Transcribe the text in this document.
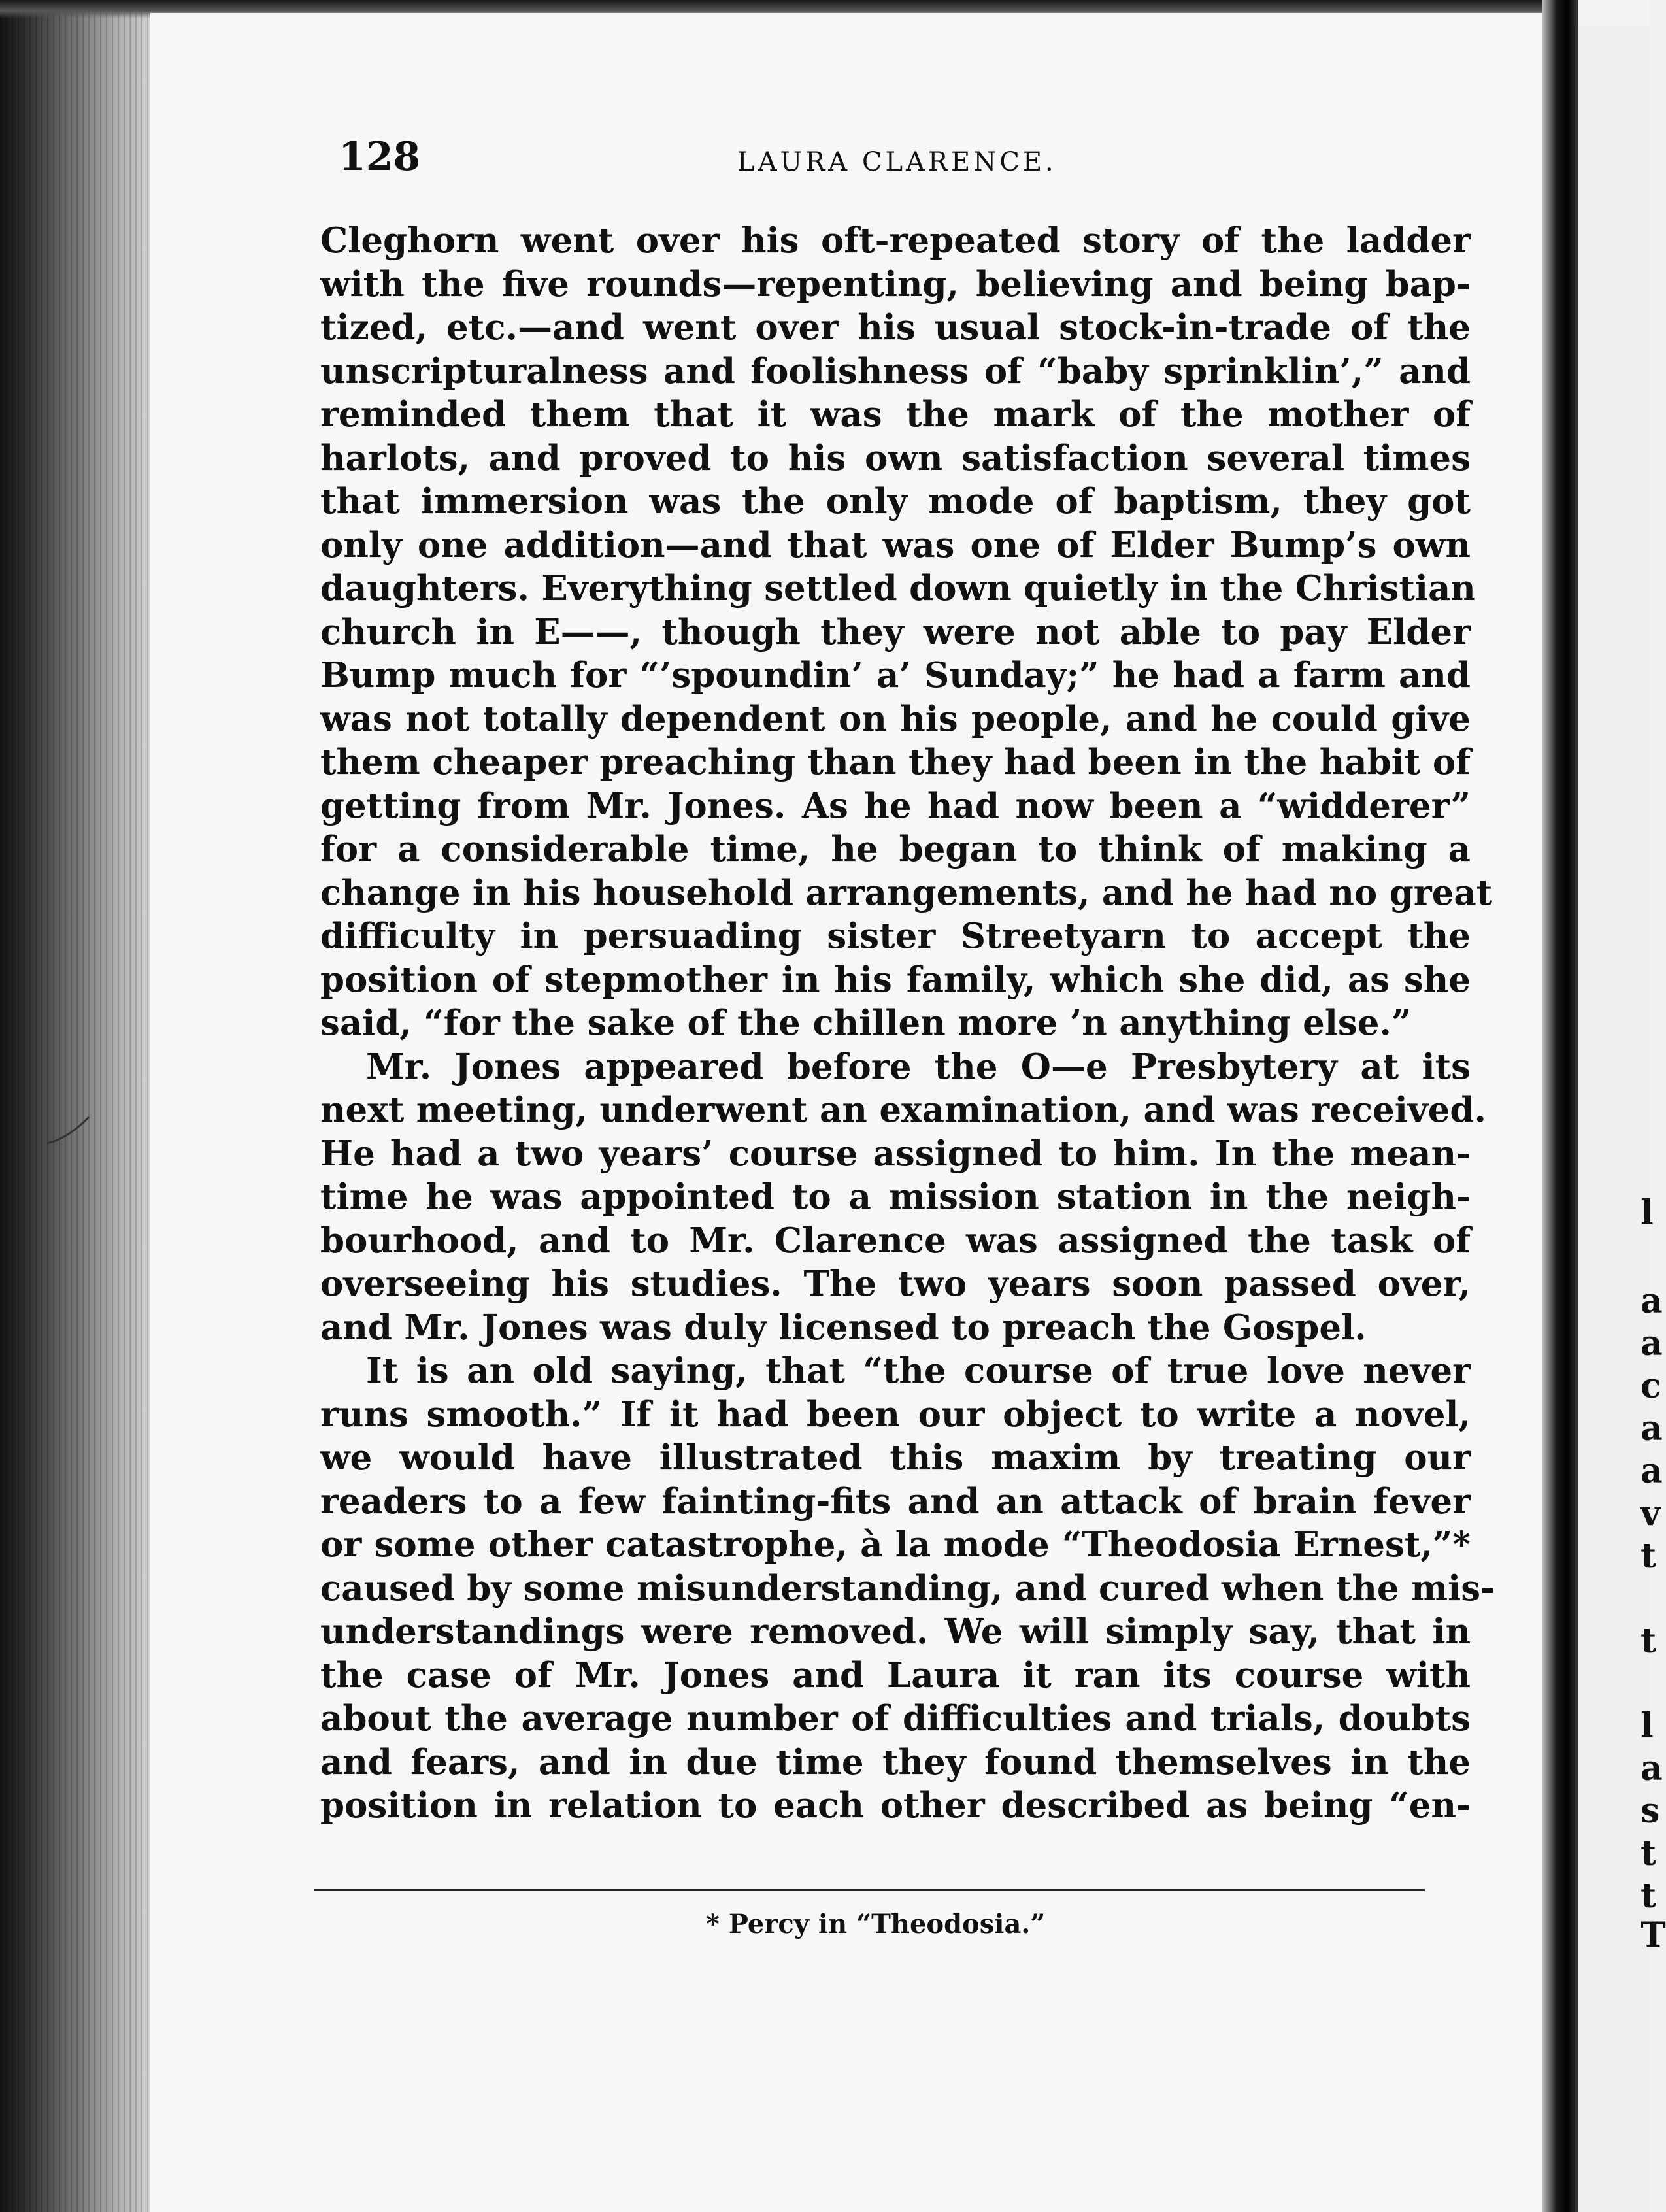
128	LAURA CLARENCE.
Cleghorn went over his oft-repeated story of the ladder
with the five rounds—repenting, believing and being bap-
tized, etc.—and went over his usual stock-in-trade of the
unscripturalness and foolishness of “baby sprinklin’,” and
reminded them that it was the mark of the mother of
harlots, and proved to his own satisfaction several times
that immersion was the only mode of baptism, they got
only one addition—and that was one of Elder Bump’s own
daughters. Everything settled down quietly in the Christian
church in E——, though they were not able to pay Elder
Bump much for “’spoundin’ a’ Sunday;” he had a farm and
was not totally dependent on his people, and he could give
them cheaper preaching than they had been in the habit of
getting from Mr. Jones. As he had now been a “widderer”
for a considerable time, he began to think of making a
change in his household arrangements, and he had no great
difficulty in persuading sister Streetyarn to accept the
position of stepmother in his family, which she did, as she
said, “for the sake of the chillen more ’n anything else.”
Mr. Jones appeared before the O—e Presbytery at its
next meeting, underwent an examination, and was received.
He had a two years’ course assigned to him. In the mean-
time he was appointed to a mission station in the neigh-
bourhood, and to Mr. Clarence was assigned the task of
overseeing his studies. The two years soon passed over,
and Mr. Jones was duly licensed to preach the Gospel.
It is an old saying, that “the course of true love never
runs smooth.” If it had been our object to write a novel,
we would have illustrated this maxim by treating our
readers to a few fainting-fits and an attack of brain fever
or some other catastrophe, à la mode “Theodosia Ernest,”*
caused by some misunderstanding, and cured when the mis-
understandings were removed. We will simply say, that in
the case of Mr. Jones and Laura it ran its course with
about the average number of difficulties and trials, doubts
and fears, and in due time they found themselves in the
position in relation to each other described as being “en-
* Percy in “Theodosia.”
l
a
a
c
a
a
v
t
t
l
a
s
t
t
T
